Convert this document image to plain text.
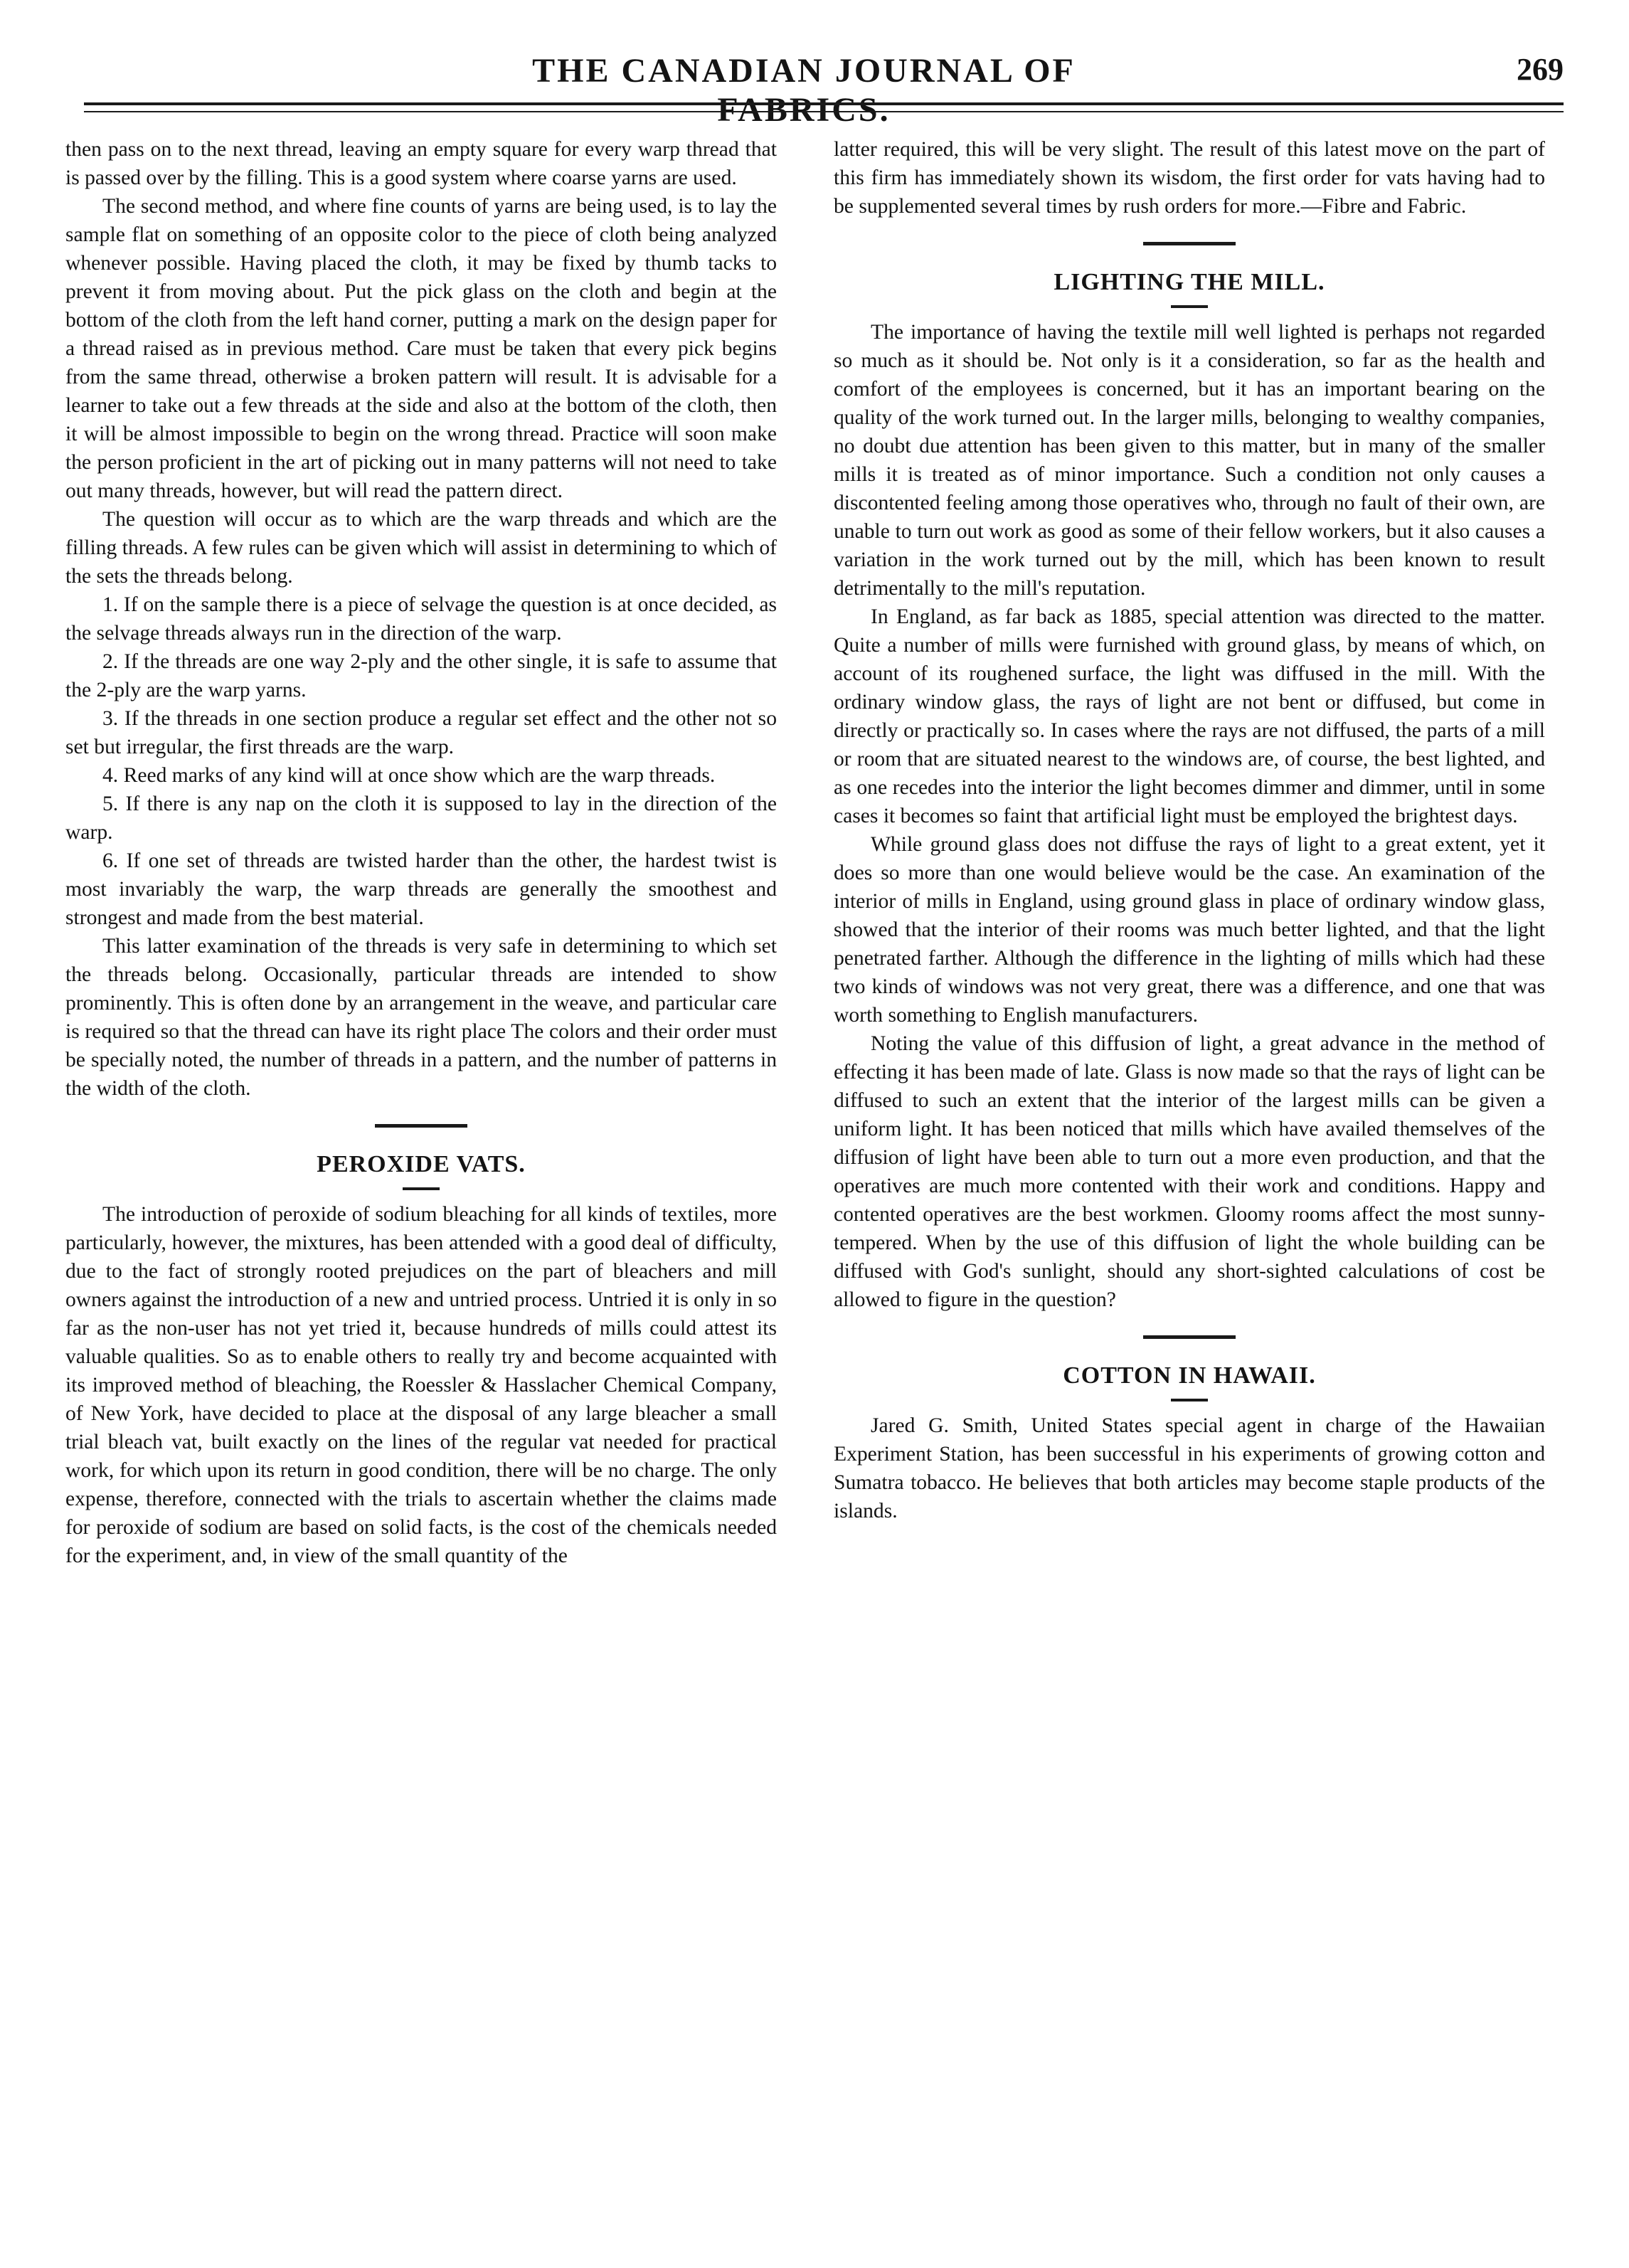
THE CANADIAN JOURNAL OF FABRICS.
269

then pass on to the next thread, leaving an empty square for every warp thread that is passed over by the filling. This is a good system where coarse yarns are used.

The second method, and where fine counts of yarns are being used, is to lay the sample flat on something of an opposite color to the piece of cloth being analyzed whenever possible. Having placed the cloth, it may be fixed by thumb tacks to prevent it from moving about. Put the pick glass on the cloth and begin at the bottom of the cloth from the left hand corner, putting a mark on the design paper for a thread raised as in previous method. Care must be taken that every pick begins from the same thread, otherwise a broken pattern will result. It is advisable for a learner to take out a few threads at the side and also at the bottom of the cloth, then it will be almost impossible to begin on the wrong thread. Practice will soon make the person proficient in the art of picking out in many patterns will not need to take out many threads, however, but will read the pattern direct.

The question will occur as to which are the warp threads and which are the filling threads. A few rules can be given which will assist in determining to which of the sets the threads belong.

1. If on the sample there is a piece of selvage the question is at once decided, as the selvage threads always run in the direction of the warp.

2. If the threads are one way 2-ply and the other single, it is safe to assume that the 2-ply are the warp yarns.

3. If the threads in one section produce a regular set effect and the other not so set but irregular, the first threads are the warp.

4. Reed marks of any kind will at once show which are the warp threads.

5. If there is any nap on the cloth it is supposed to lay in the direction of the warp.

6. If one set of threads are twisted harder than the other, the hardest twist is most invariably the warp, the warp threads are generally the smoothest and strongest and made from the best material.

This latter examination of the threads is very safe in determining to which set the threads belong. Occasionally, particular threads are intended to show prominently. This is often done by an arrangement in the weave, and particular care is required so that the thread can have its right place The colors and their order must be specially noted, the number of threads in a pattern, and the number of patterns in the width of the cloth.

PEROXIDE VATS.

The introduction of peroxide of sodium bleaching for all kinds of textiles, more particularly, however, the mixtures, has been attended with a good deal of difficulty, due to the fact of strongly rooted prejudices on the part of bleachers and mill owners against the introduction of a new and untried process. Untried it is only in so far as the non-user has not yet tried it, because hundreds of mills could attest its valuable qualities. So as to enable others to really try and become acquainted with its improved method of bleaching, the Roessler & Hasslacher Chemical Company, of New York, have decided to place at the disposal of any large bleacher a small trial bleach vat, built exactly on the lines of the regular vat needed for practical work, for which upon its return in good condition, there will be no charge. The only expense, therefore, connected with the trials to ascertain whether the claims made for peroxide of sodium are based on solid facts, is the cost of the chemicals needed for the experiment, and, in view of the small quantity of the

latter required, this will be very slight. The result of this latest move on the part of this firm has immediately shown its wisdom, the first order for vats having had to be supplemented several times by rush orders for more.—Fibre and Fabric.

LIGHTING THE MILL.

The importance of having the textile mill well lighted is perhaps not regarded so much as it should be. Not only is it a consideration, so far as the health and comfort of the employees is concerned, but it has an important bearing on the quality of the work turned out. In the larger mills, belonging to wealthy companies, no doubt due attention has been given to this matter, but in many of the smaller mills it is treated as of minor importance. Such a condition not only causes a discontented feeling among those operatives who, through no fault of their own, are unable to turn out work as good as some of their fellow workers, but it also causes a variation in the work turned out by the mill, which has been known to result detrimentally to the mill's reputation.

In England, as far back as 1885, special attention was directed to the matter. Quite a number of mills were furnished with ground glass, by means of which, on account of its roughened surface, the light was diffused in the mill. With the ordinary window glass, the rays of light are not bent or diffused, but come in directly or practically so. In cases where the rays are not diffused, the parts of a mill or room that are situated nearest to the windows are, of course, the best lighted, and as one recedes into the interior the light becomes dimmer and dimmer, until in some cases it becomes so faint that artificial light must be employed the brightest days.

While ground glass does not diffuse the rays of light to a great extent, yet it does so more than one would believe would be the case. An examination of the interior of mills in England, using ground glass in place of ordinary window glass, showed that the interior of their rooms was much better lighted, and that the light penetrated farther. Although the difference in the lighting of mills which had these two kinds of windows was not very great, there was a difference, and one that was worth something to English manufacturers.

Noting the value of this diffusion of light, a great advance in the method of effecting it has been made of late. Glass is now made so that the rays of light can be diffused to such an extent that the interior of the largest mills can be given a uniform light. It has been noticed that mills which have availed themselves of the diffusion of light have been able to turn out a more even production, and that the operatives are much more contented with their work and conditions. Happy and contented operatives are the best workmen. Gloomy rooms affect the most sunny-tempered. When by the use of this diffusion of light the whole building can be diffused with God's sunlight, should any short-sighted calculations of cost be allowed to figure in the question?

COTTON IN HAWAII.

Jared G. Smith, United States special agent in charge of the Hawaiian Experiment Station, has been successful in his experiments of growing cotton and Sumatra tobacco. He believes that both articles may become staple products of the islands.
